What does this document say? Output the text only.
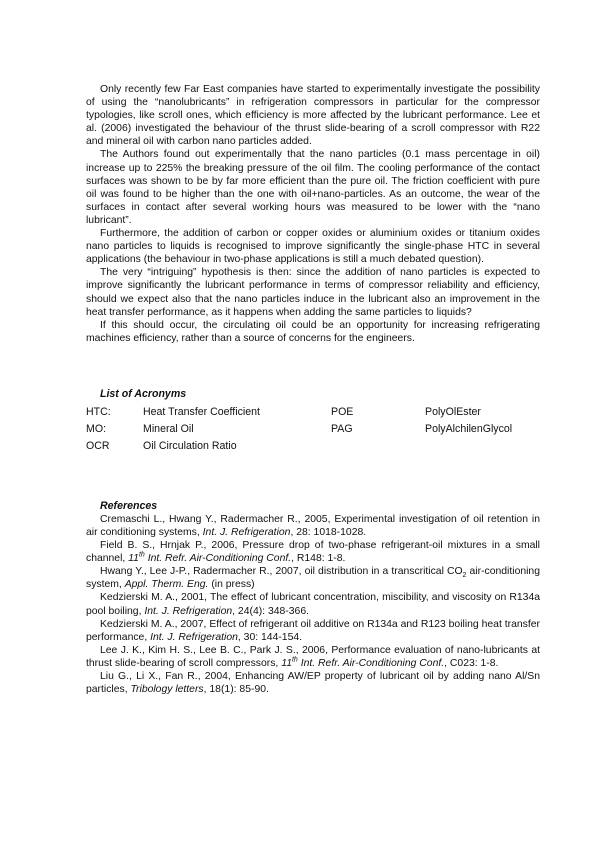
Only recently few Far East companies have started to experimentally investigate the possibility of using the “nanolubricants” in refrigeration compressors in particular for the compressor typologies, like scroll ones, which efficiency is more affected by the lubricant performance. Lee et al. (2006) investigated the behaviour of the thrust slide-bearing of a scroll compressor with R22 and mineral oil with carbon nano particles added.

The Authors found out experimentally that the nano particles (0.1 mass percentage in oil) increase up to 225% the breaking pressure of the oil film. The cooling performance of the contact surfaces was shown to be by far more efficient than the pure oil. The friction coefficient with pure oil was found to be higher than the one with oil+nano-particles. As an outcome, the wear of the surfaces in contact after several working hours was measured to be lower with the “nano lubricant”.

Furthermore, the addition of carbon or copper oxides or aluminium oxides or titanium oxides nano particles to liquids is recognised to improve significantly the single-phase HTC in several applications (the behaviour in two-phase applications is still a much debated question).

The very “intriguing” hypothesis is then: since the addition of nano particles is expected to improve significantly the lubricant performance in terms of compressor reliability and efficiency, should we expect also that the nano particles induce in the lubricant also an improvement in the heat transfer performance, as it happens when adding the same particles to liquids?

If this should occur, the circulating oil could be an opportunity for increasing refrigerating machines efficiency, rather than a source of concerns for the engineers.

List of Acronyms

HTC:	Heat Transfer Coefficient	POE	PolyOlEster
MO:	Mineral Oil	PAG	PolyAlchilenGlycol
OCR	Oil Circulation Ratio

References

Cremaschi L., Hwang Y., Radermacher R., 2005, Experimental investigation of oil retention in air conditioning systems, Int. J. Refrigeration, 28: 1018-1028.

Field B. S., Hrnjak P., 2006, Pressure drop of two-phase refrigerant-oil mixtures in a small channel, 11th Int. Refr. Air-Conditioning Conf., R148: 1-8.

Hwang Y., Lee J-P., Radermacher R., 2007, oil distribution in a transcritical $CO_2$ air-conditioning system, Appl. Therm. Eng. (in press)

Kedzierski M. A., 2001, The effect of lubricant concentration, miscibility, and viscosity on R134a pool boiling, Int. J. Refrigeration, 24(4): 348-366.

Kedzierski M. A., 2007, Effect of refrigerant oil additive on R134a and R123 boiling heat transfer performance, Int. J. Refrigeration, 30: 144-154.

Lee J. K., Kim H. S., Lee B. C., Park J. S., 2006, Performance evaluation of nano-lubricants at thrust slide-bearing of scroll compressors, 11th Int. Refr. Air-Conditioning Conf., C023: 1-8.

Liu G., Li X., Fan R., 2004, Enhancing AW/EP property of lubricant oil by adding nano Al/Sn particles, Tribology letters, 18(1): 85-90.
